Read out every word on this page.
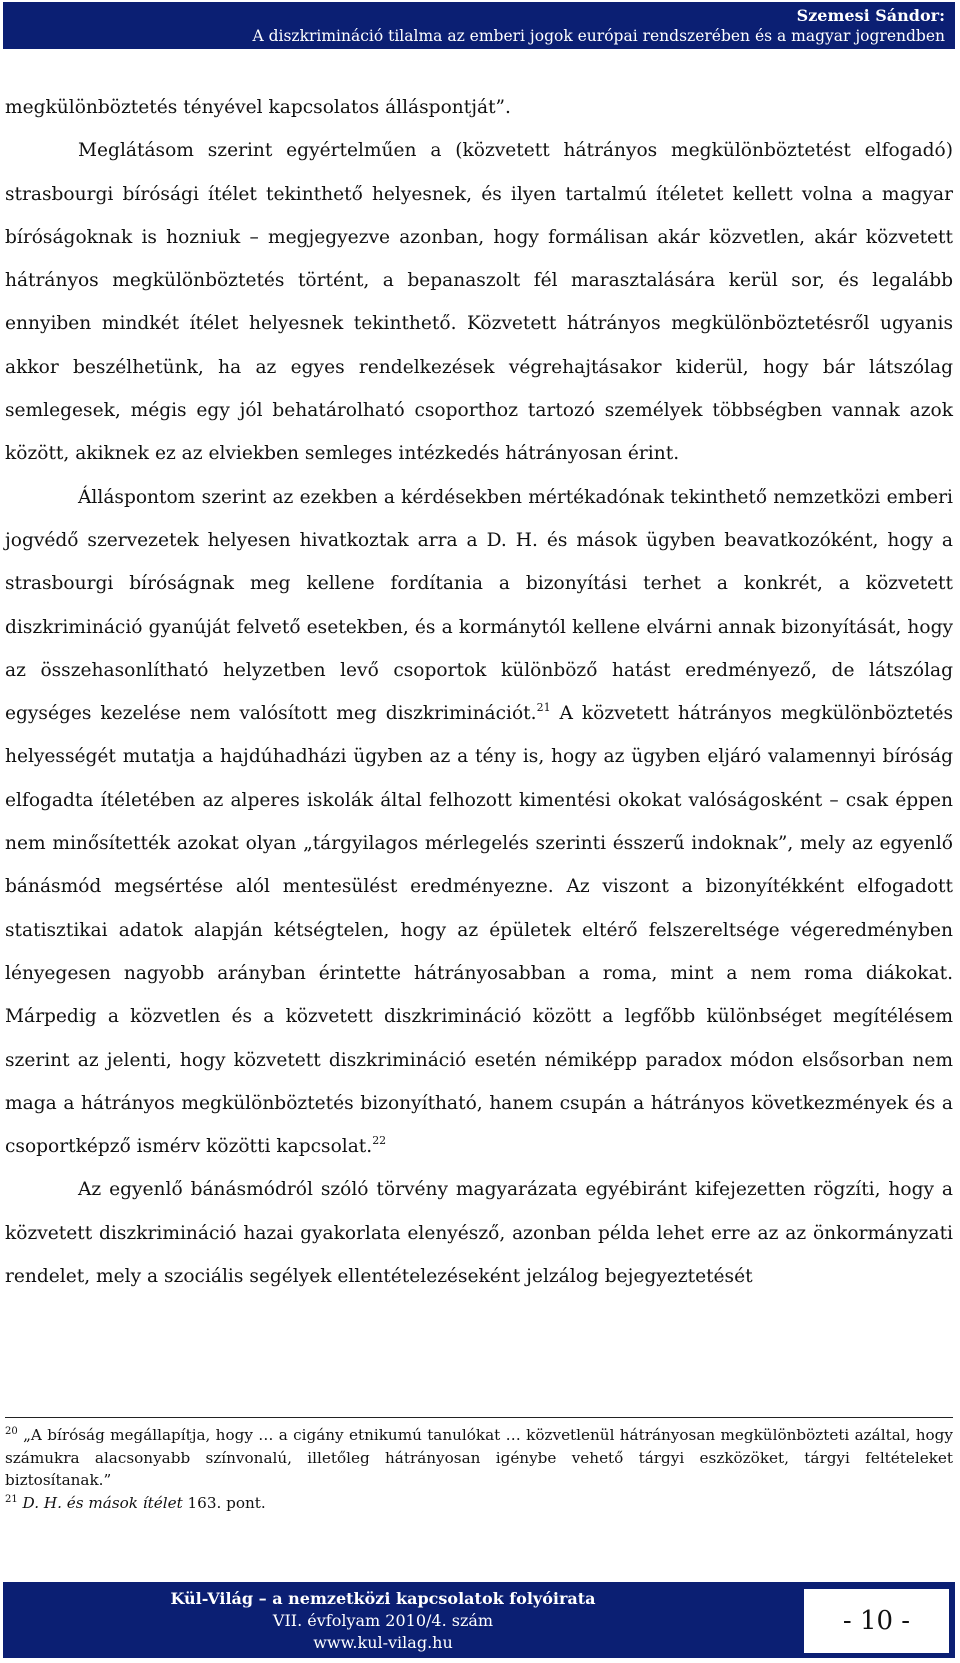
Szemesi Sándor:
A diszkrimináció tilalma az emberi jogok európai rendszerében és a magyar jogrendben

megkülönböztetés tényével kapcsolatos álláspontját”.

Meglátásom szerint egyértelműen a (közvetett hátrányos megkülönböztetést elfogadó) strasbourgi bírósági ítélet tekinthető helyesnek, és ilyen tartalmú ítéletet kellett volna a magyar bíróságoknak is hozniuk – megjegyezve azonban, hogy formálisan akár közvetlen, akár közvetett hátrányos megkülönböztetés történt, a bepanaszolt fél marasztalására kerül sor, és legalább ennyiben mindkét ítélet helyesnek tekinthető. Közvetett hátrányos megkülönböztetésről ugyanis akkor beszélhetünk, ha az egyes rendelkezések végrehajtásakor kiderül, hogy bár látszólag semlegesek, mégis egy jól behatárolható csoporthoz tartozó személyek többségben vannak azok között, akiknek ez az elviekben semleges intézkedés hátrányosan érint.

Álláspontom szerint az ezekben a kérdésekben mértékadónak tekinthető nemzetközi emberi jogvédő szervezetek helyesen hivatkoztak arra a D. H. és mások ügyben beavatkozóként, hogy a strasbourgi bíróságnak meg kellene fordítania a bizonyítási terhet a konkrét, a közvetett diszkrimináció gyanúját felvető esetekben, és a kormánytól kellene elvárni annak bizonyítását, hogy az összehasonlítható helyzetben levő csoportok különböző hatást eredményező, de látszólag egységes kezelése nem valósított meg diszkriminációt.$^{21}$ A közvetett hátrányos megkülönböztetés helyességét mutatja a hajdúhadházi ügyben az a tény is, hogy az ügyben eljáró valamennyi bíróság elfogadta ítéletében az alperes iskolák által felhozott kimentési okokat valóságosként – csak éppen nem minősítették azokat olyan „tárgyilagos mérlegelés szerinti ésszerű indoknak”, mely az egyenlő bánásmód megsértése alól mentesülést eredményezne. Az viszont a bizonyítékként elfogadott statisztikai adatok alapján kétségtelen, hogy az épületek eltérő felszereltsége végeredményben lényegesen nagyobb arányban érintette hátrányosabban a roma, mint a nem roma diákokat. Márpedig a közvetlen és a közvetett diszkrimináció között a legfőbb különbséget megítélésem szerint az jelenti, hogy közvetett diszkrimináció esetén némiképp paradox módon elsősorban nem maga a hátrányos megkülönböztetés bizonyítható, hanem csupán a hátrányos következmények és a csoportképző ismérv közötti kapcsolat.$^{22}$

Az egyenlő bánásmódról szóló törvény magyarázata egyébiránt kifejezetten rögzíti, hogy a közvetett diszkrimináció hazai gyakorlata elenyésző, azonban példa lehet erre az az önkormányzati rendelet, mely a szociális segélyek ellentételezéseként jelzálog bejegyeztetését

$^{20}$ „A bíróság megállapítja, hogy … a cigány etnikumú tanulókat … közvetlenül hátrányosan megkülönbözteti azáltal, hogy számukra alacsonyabb színvonalú, illetőleg hátrányosan igénybe vehető tárgyi eszközöket, tárgyi feltételeket biztosítanak.”

$^{21}$ D. H. és mások ítélet 163. pont.

Kül-Világ – a nemzetközi kapcsolatok folyóirata
VII. évfolyam 2010/4. szám
www.kul-vilag.hu
- 10 -
